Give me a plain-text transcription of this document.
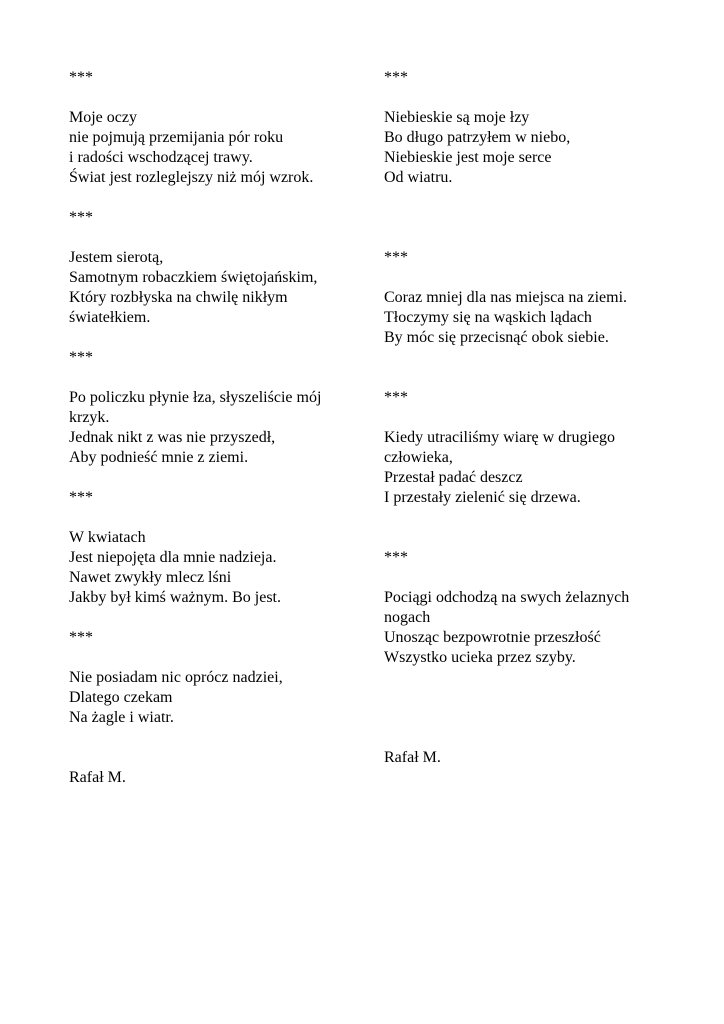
***
Moje oczy
nie pojmują przemijania pór roku
i radości wschodzącej trawy.
Świat jest rozleglejszy niż mój wzrok.
***
Jestem sierotą,
Samotnym robaczkiem świętojańskim,
Który rozbłyska na chwilę nikłym
światełkiem.
***
Po policzku płynie łza, słyszeliście mój
krzyk.
Jednak nikt z was nie przyszedł,
Aby podnieść mnie z ziemi.
***
W kwiatach
Jest niepojęta dla mnie nadzieja.
Nawet zwykły mlecz lśni
Jakby był kimś ważnym. Bo jest.
***
Nie posiadam nic oprócz nadziei,
Dlatego czekam
Na żagle i wiatr.
Rafał M.
***
Niebieskie są moje łzy
Bo długo patrzyłem w niebo,
Niebieskie jest moje serce
Od wiatru.
***
Coraz mniej dla nas miejsca na ziemi.
Tłoczymy się na wąskich lądach
By móc się przecisnąć obok siebie.
***
Kiedy utraciliśmy wiarę w drugiego
człowieka,
Przestał padać deszcz
I przestały zielenić się drzewa.
***
Pociągi odchodzą na swych żelaznych
nogach
Unosząc bezpowrotnie przeszłość
Wszystko ucieka przez szyby.
Rafał M.
